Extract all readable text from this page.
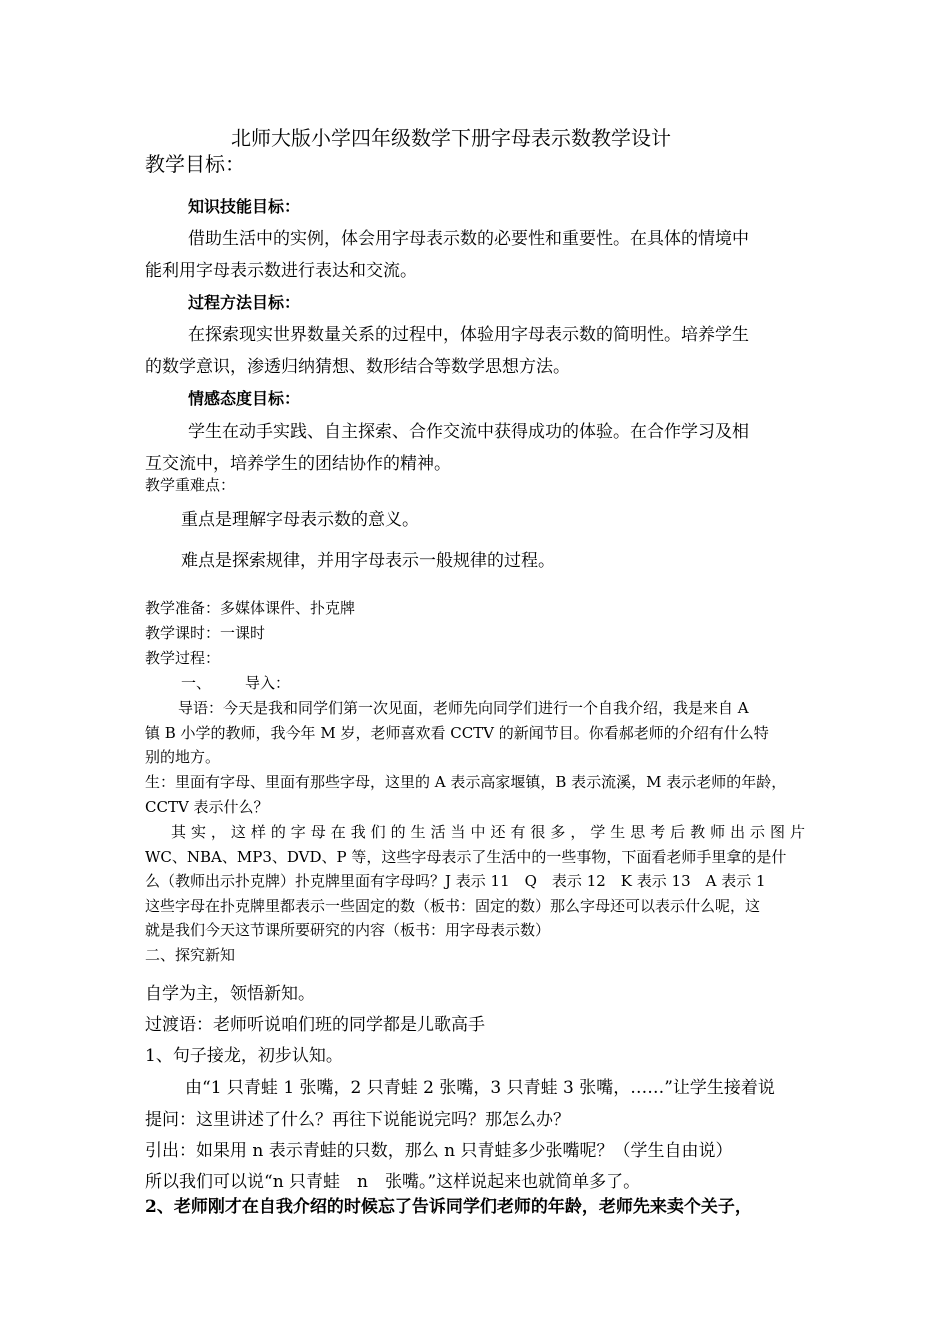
北师大版小学四年级数学下册字母表示数教学设计
教学目标：
知识技能目标：
借助生活中的实例，体会用字母表示数的必要性和重要性。在具体的情境中
能利用字母表示数进行表达和交流。
过程方法目标：
在探索现实世界数量关系的过程中，体验用字母表示数的简明性。培养学生
的数学意识，渗透归纳猜想、数形结合等数学思想方法。
情感态度目标：
学生在动手实践、自主探索、合作交流中获得成功的体验。在合作学习及相
互交流中，培养学生的团结协作的精神。
教学重难点：
重点是理解字母表示数的意义。
难点是探索规律，并用字母表示一般规律的过程。
教学准备：多媒体课件、扑克牌
教学课时：一课时
教学过程：
一、 导入：
导语：今天是我和同学们第一次见面，老师先向同学们进行一个自我介绍，我是来自 A
镇 B 小学的教师，我今年 M 岁，老师喜欢看 CCTV 的新闻节目。你看郝老师的介绍有什么特
别的地方。
生：里面有字母、里面有那些字母，这里的 A 表示高家堰镇，B 表示流溪，M 表示老师的年龄，
CCTV 表示什么？
其实，这样的字母在我们的生活当中还有很多，学生思考后教师出示图片
WC、NBA、MP3、DVD、P 等，这些字母表示了生活中的一些事物，下面看老师手里拿的是什
么（教师出示扑克牌）扑克牌里面有字母吗？J 表示 11　Q　表示 12　K 表示 13　A 表示 1
这些字母在扑克牌里都表示一些固定的数（板书：固定的数）那么字母还可以表示什么呢，这
就是我们今天这节课所要研究的内容（板书：用字母表示数）
二、探究新知
自学为主，领悟新知。
过渡语：老师听说咱们班的同学都是儿歌高手
1、句子接龙，初步认知。
由“1 只青蛙 1 张嘴，2 只青蛙 2 张嘴，3 只青蛙 3 张嘴，……”让学生接着说
提问：这里讲述了什么？再往下说能说完吗？那怎么办？
引出：如果用 n 表示青蛙的只数，那么 n 只青蛙多少张嘴呢？（学生自由说）
所以我们可以说“n 只青蛙　n　张嘴。”这样说起来也就简单多了。
2、老师刚才在自我介绍的时候忘了告诉同学们老师的年龄，老师先来卖个关子，
